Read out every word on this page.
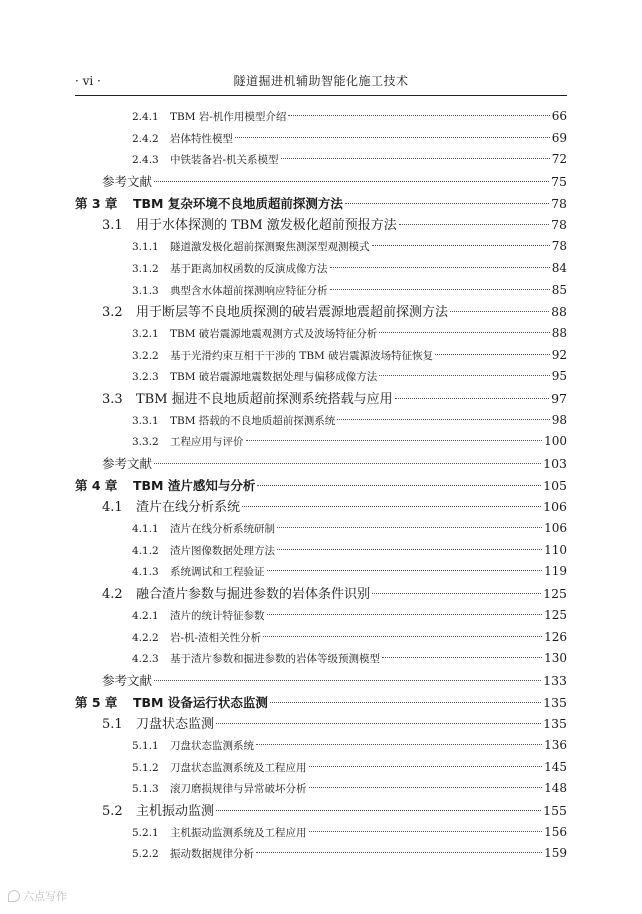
· vi ·	隧道掘进机辅助智能化施工技术
2.4.1	TBM 岩-机作用模型介绍	66
2.4.2	岩体特性模型	69
2.4.3	中铁装备岩-机关系模型	72
参考文献	75
第 3 章	TBM 复杂环境不良地质超前探测方法	78
3.1	用于水体探测的 TBM 激发极化超前预报方法	78
3.1.1	隧道激发极化超前探测聚焦测深型观测模式	78
3.1.2	基于距离加权函数的反演成像方法	84
3.1.3	典型含水体超前探测响应特征分析	85
3.2	用于断层等不良地质探测的破岩震源地震超前探测方法	88
3.2.1	TBM 破岩震源地震观测方式及波场特征分析	88
3.2.2	基于光滑约束互相干干涉的 TBM 破岩震源波场特征恢复	92
3.2.3	TBM 破岩震源地震数据处理与偏移成像方法	95
3.3	TBM 掘进不良地质超前探测系统搭载与应用	97
3.3.1	TBM 搭载的不良地质超前探测系统	98
3.3.2	工程应用与评价	100
参考文献	103
第 4 章	TBM 渣片感知与分析	105
4.1	渣片在线分析系统	106
4.1.1	渣片在线分析系统研制	106
4.1.2	渣片图像数据处理方法	110
4.1.3	系统调试和工程验证	119
4.2	融合渣片参数与掘进参数的岩体条件识别	125
4.2.1	渣片的统计特征参数	125
4.2.2	岩-机-渣相关性分析	126
4.2.3	基于渣片参数和掘进参数的岩体等级预测模型	130
参考文献	133
第 5 章	TBM 设备运行状态监测	135
5.1	刀盘状态监测	135
5.1.1	刀盘状态监测系统	136
5.1.2	刀盘状态监测系统及工程应用	145
5.1.3	滚刀磨损规律与异常破坏分析	148
5.2	主机振动监测	155
5.2.1	主机振动监测系统及工程应用	156
5.2.2	振动数据规律分析	159
六点写作
